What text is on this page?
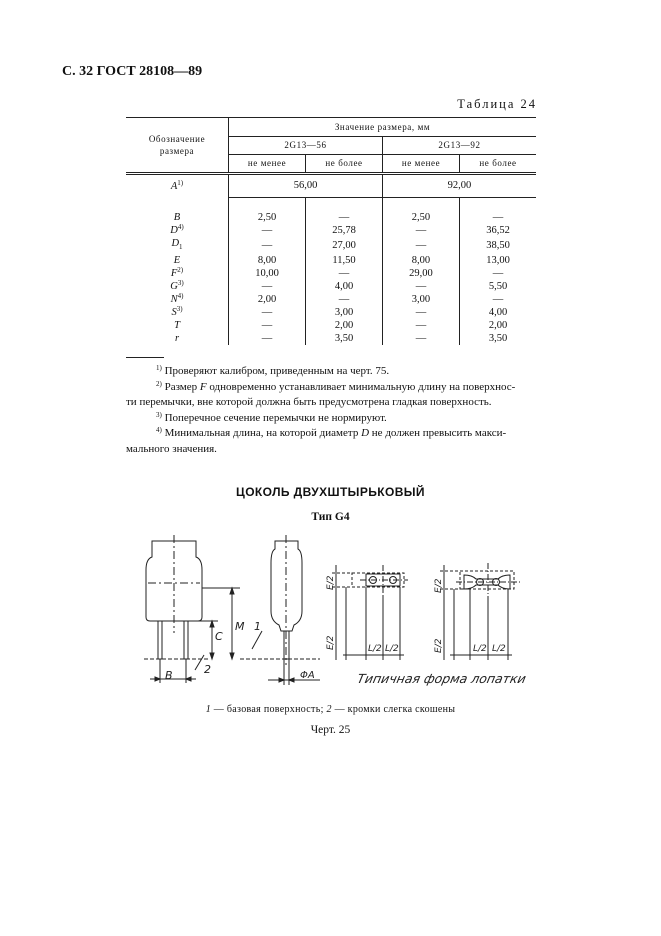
С. 32 ГОСТ 28108—89
Таблица 24
Обозначение размера	Значение размера, мм			
	2G13—56		2G13—92	
	не менее	не более	не менее	не более
$A^{1)}$	56,00		92,00	

B	2,50	—	2,50	—
$D^{4)}$	—	25,78	—	36,52
$D_1$	—	27,00	—	38,50
E	8,00	11,50	8,00	13,00
$F^{2)}$	10,00	—	29,00	—
$G^{3)}$	—	4,00	—	5,50
$N^{4)}$	2,00	—	3,00	—
$S^{3)}$	—	3,00	—	4,00
T	—	2,00	—	2,00
r	—	3,50	—	3,50

$^{1)}$ Проверяют калибром, приведенным на черт. 75.

$^{2)}$ Размер F одновременно устанавливает минимальную длину на поверхнос-

ти перемычки, вне которой должна быть предусмотрена гладкая поверхность.

$^{3)}$ Поперечное сечение перемычки не нормируют.

$^{4)}$ Минимальная длина, на которой диаметр D не должен превысить макси-

мального значения.

ЦОКОЛЬ ДВУХШТЫРЬКОВЫЙ
Тип G4
B
M
C
2
1
ΦA
E/2
E/2	L/2 L/2
E/2
E/2	L/2 L/2
Типичная форма лопатки
1 — базовая поверхность; 2 — кромки слегка скошены
Черт. 25
